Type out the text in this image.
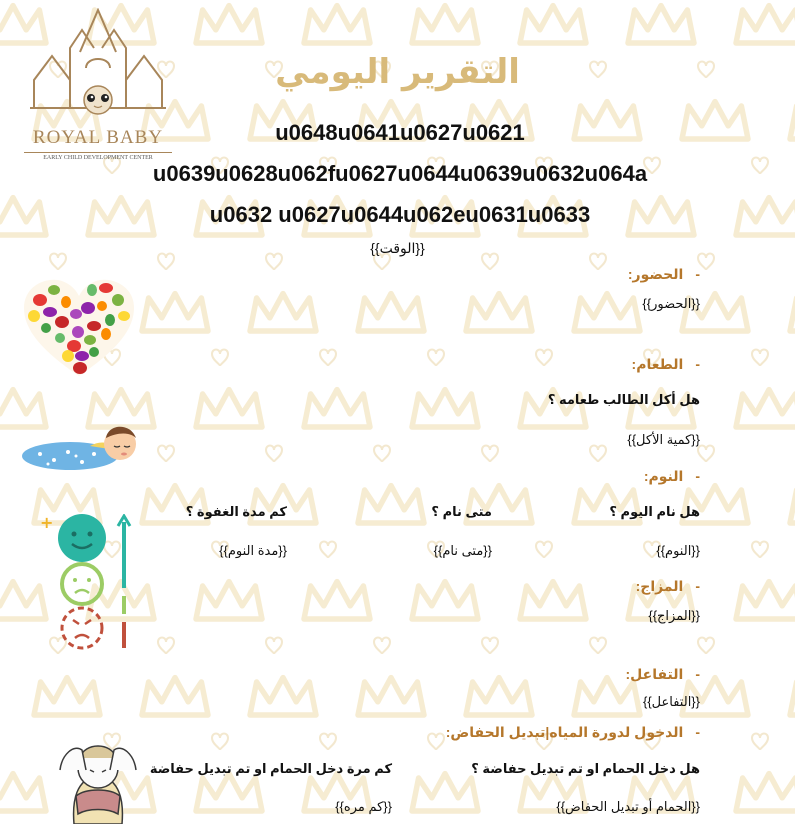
ROYAL BABY
EARLY CHILD DEVELOPMENT CENTER
التقرير اليومي
u0648u0641u0627u0621
u0639u0628u062fu0627u0644u0639u0632u064a
u0632 u0627u0644u062eu0631u0633
{{الوقت}}
-الحضور:
{{الحضور}}
-الطعام:
هل أكل الطالب طعامه ؟
{{كمية الأكل}}
-النوم:
هل نام اليوم ؟
{{النوم}}
متى نام ؟
{{متى نام}}
كم مدة الغفوة ؟
{{مدة النوم}}
-المزاج:
{{المزاج}}
-التفاعل:
{{التفاعل}}
-الدخول لدورة المياه|تبديل الحفاض:
هل دخل الحمام او تم تبديل حفاضة ؟
{{الحمام أو تبديل الحفاض}}
كم مرة دخل الحمام او تم تبديل حفاضة
{{كم مره}}
+
